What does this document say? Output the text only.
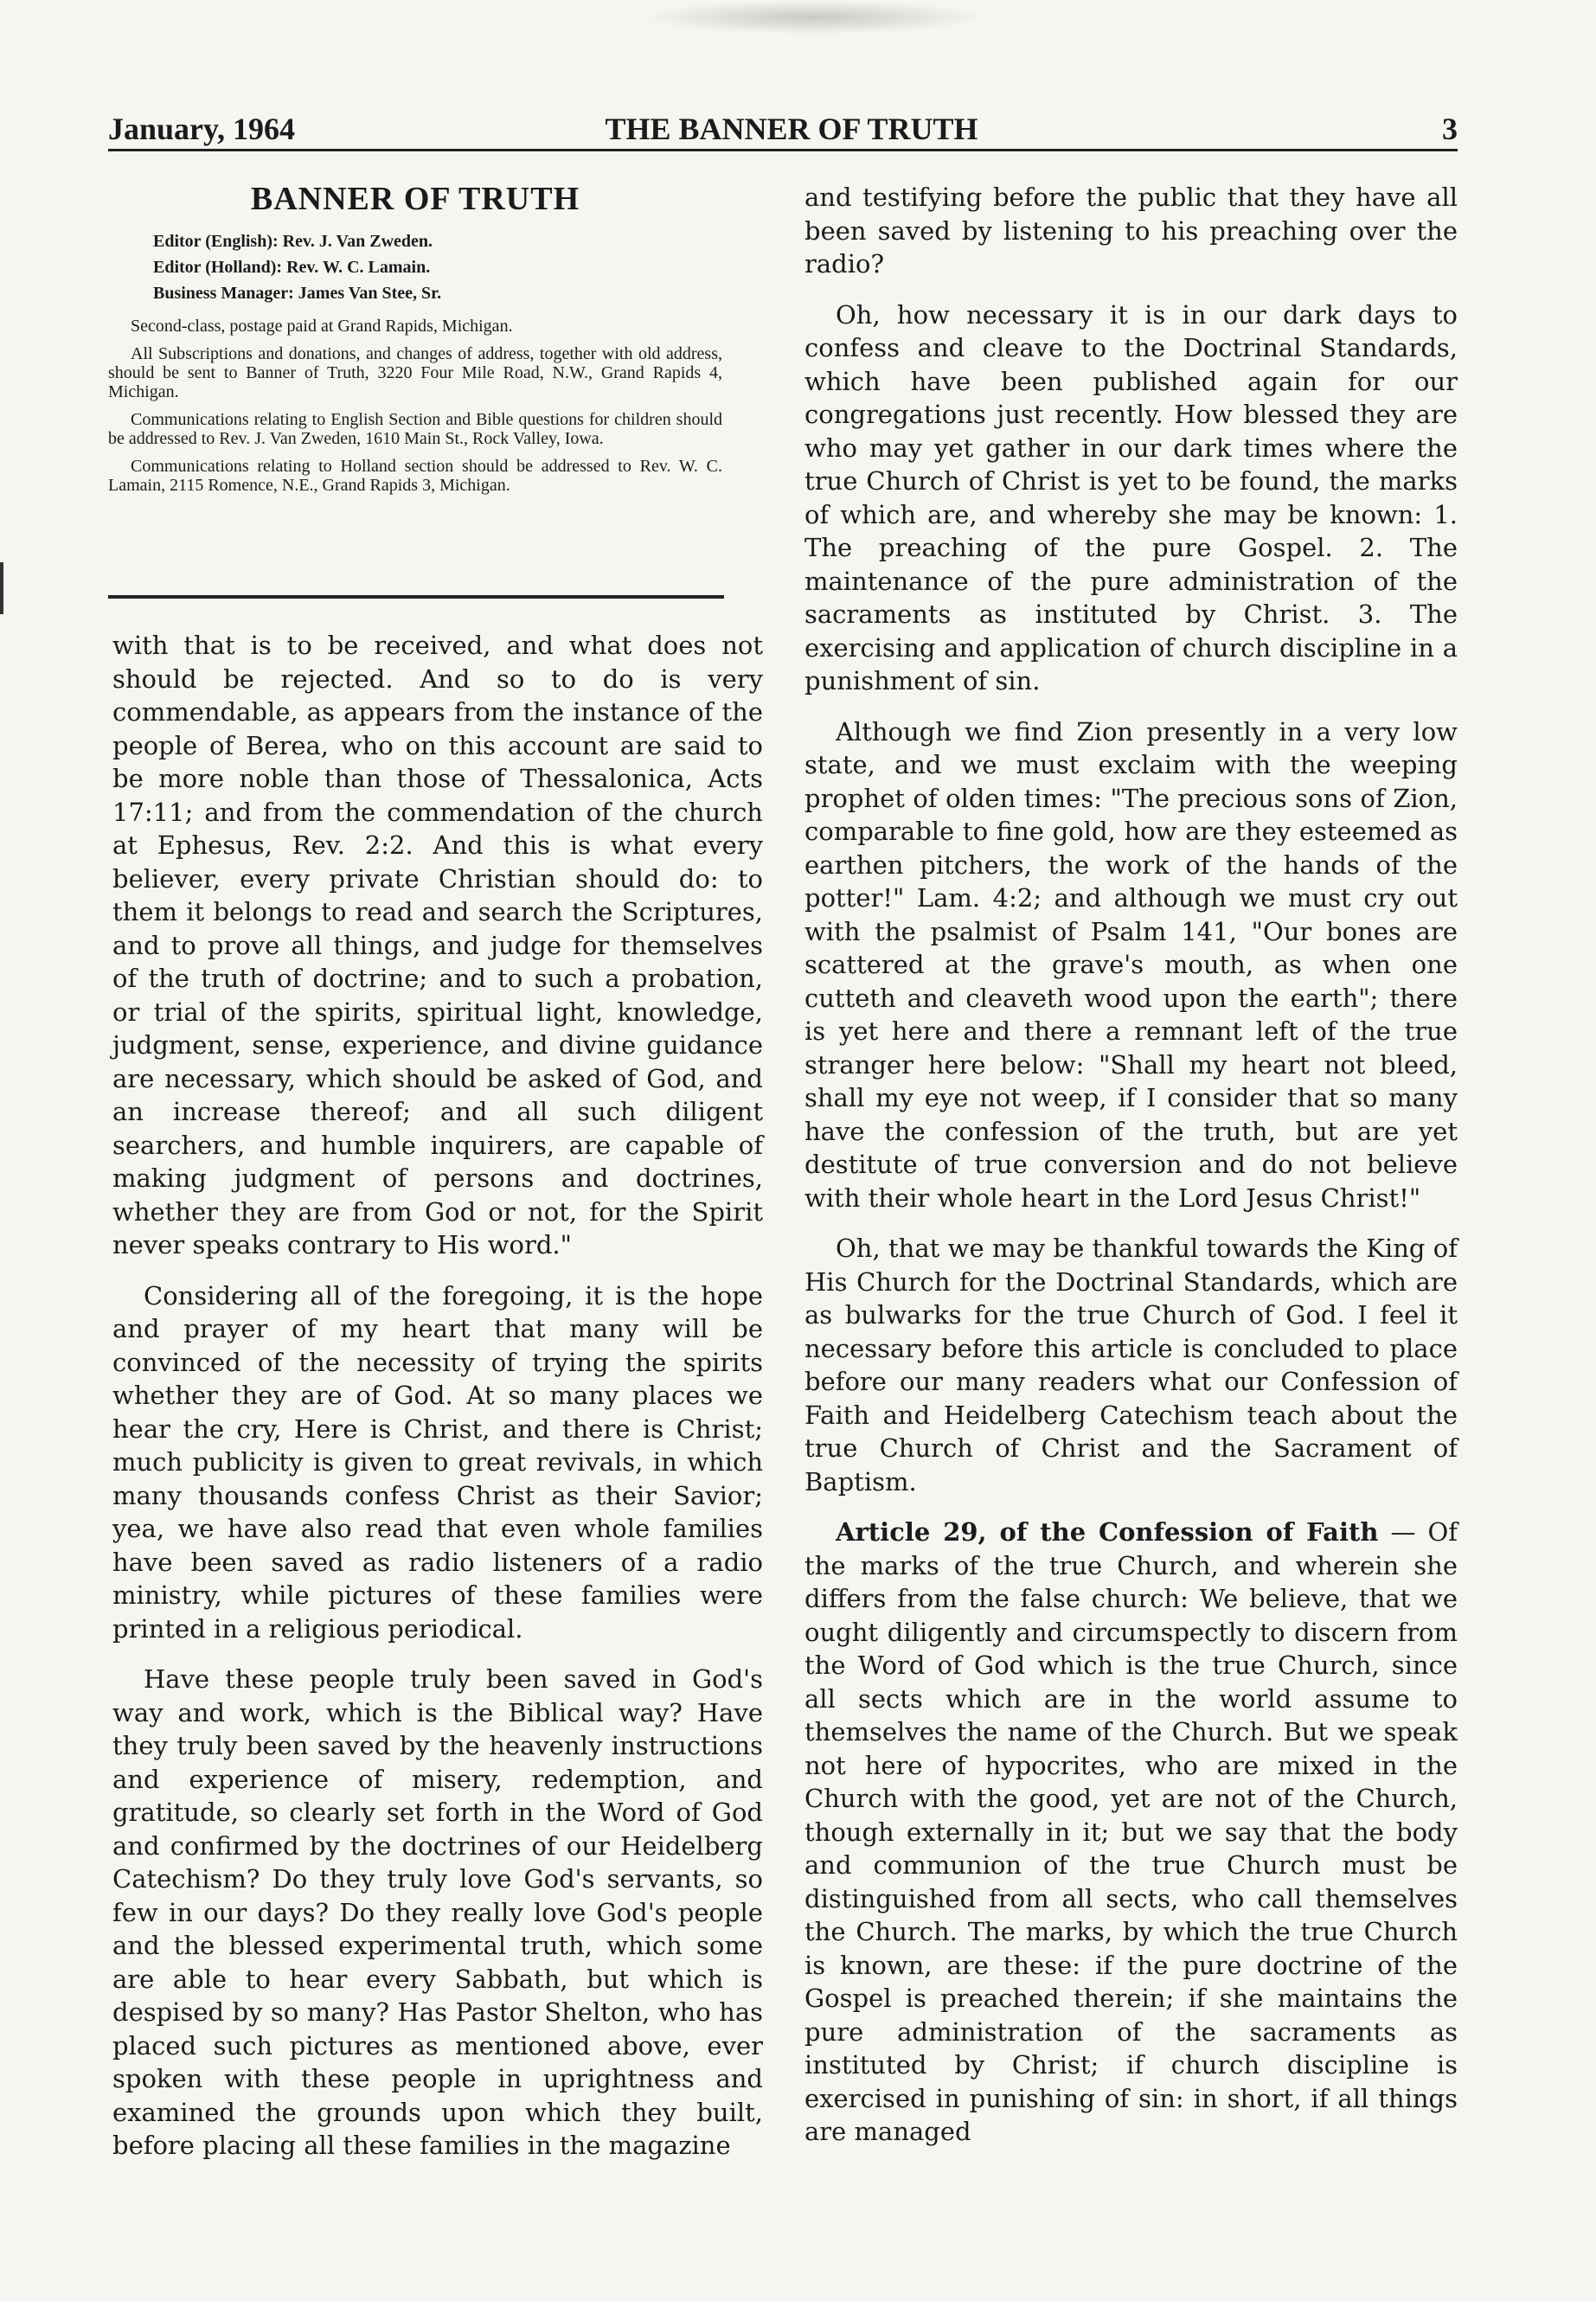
January, 1964	THE BANNER OF TRUTH	3
BANNER OF TRUTH
Editor (English): Rev. J. Van Zweden.
Editor (Holland): Rev. W. C. Lamain.
Business Manager: James Van Stee, Sr.
Second-class, postage paid at Grand Rapids, Michigan.
All Subscriptions and donations, and changes of address, together with old address, should be sent to Banner of Truth, 3220 Four Mile Road, N.W., Grand Rapids 4, Michigan.
Communications relating to English Section and Bible questions for children should be addressed to Rev. J. Van Zweden, 1610 Main St., Rock Valley, Iowa.
Communications relating to Holland section should be addressed to Rev. W. C. Lamain, 2115 Romence, N.E., Grand Rapids 3, Michigan.

with that is to be received, and what does not should be rejected. And so to do is very commendable, as appears from the instance of the people of Berea, who on this account are said to be more noble than those of Thessalonica, Acts 17:11; and from the commendation of the church at Ephesus, Rev. 2:2. And this is what every believer, every private Christian should do: to them it belongs to read and search the Scriptures, and to prove all things, and judge for themselves of the truth of doctrine; and to such a probation, or trial of the spirits, spiritual light, knowledge, judgment, sense, experience, and divine guidance are necessary, which should be asked of God, and an increase thereof; and all such diligent searchers, and humble inquirers, are capable of making judgment of persons and doctrines, whether they are from God or not, for the Spirit never speaks contrary to His word."

Considering all of the foregoing, it is the hope and prayer of my heart that many will be convinced of the necessity of trying the spirits whether they are of God. At so many places we hear the cry, Here is Christ, and there is Christ; much publicity is given to great revivals, in which many thousands confess Christ as their Savior; yea, we have also read that even whole families have been saved as radio listeners of a radio ministry, while pictures of these families were printed in a religious periodical.

Have these people truly been saved in God's way and work, which is the Biblical way? Have they truly been saved by the heavenly instructions and experience of misery, redemption, and gratitude, so clearly set forth in the Word of God and confirmed by the doctrines of our Heidelberg Catechism? Do they truly love God's servants, so few in our days? Do they really love God's people and the blessed experimental truth, which some are able to hear every Sabbath, but which is despised by so many? Has Pastor Shelton, who has placed such pictures as mentioned above, ever spoken with these people in uprightness and examined the grounds upon which they built, before placing all these families in the magazine

and testifying before the public that they have all been saved by listening to his preaching over the radio?

Oh, how necessary it is in our dark days to confess and cleave to the Doctrinal Standards, which have been published again for our congregations just recently. How blessed they are who may yet gather in our dark times where the true Church of Christ is yet to be found, the marks of which are, and whereby she may be known: 1. The preaching of the pure Gospel. 2. The maintenance of the pure administration of the sacraments as instituted by Christ. 3. The exercising and application of church discipline in a punishment of sin.

Although we find Zion presently in a very low state, and we must exclaim with the weeping prophet of olden times: "The precious sons of Zion, comparable to fine gold, how are they esteemed as earthen pitchers, the work of the hands of the potter!" Lam. 4:2; and although we must cry out with the psalmist of Psalm 141, "Our bones are scattered at the grave's mouth, as when one cutteth and cleaveth wood upon the earth"; there is yet here and there a remnant left of the true stranger here below: "Shall my heart not bleed, shall my eye not weep, if I consider that so many have the confession of the truth, but are yet destitute of true conversion and do not believe with their whole heart in the Lord Jesus Christ!"

Oh, that we may be thankful towards the King of His Church for the Doctrinal Standards, which are as bulwarks for the true Church of God. I feel it necessary before this article is concluded to place before our many readers what our Confession of Faith and Heidelberg Catechism teach about the true Church of Christ and the Sacrament of Baptism.

Article 29, of the Confession of Faith — Of the marks of the true Church, and wherein she differs from the false church: We believe, that we ought diligently and circumspectly to discern from the Word of God which is the true Church, since all sects which are in the world assume to themselves the name of the Church. But we speak not here of hypocrites, who are mixed in the Church with the good, yet are not of the Church, though externally in it; but we say that the body and communion of the true Church must be distinguished from all sects, who call themselves the Church. The marks, by which the true Church is known, are these: if the pure doctrine of the Gospel is preached therein; if she maintains the pure administration of the sacraments as instituted by Christ; if church discipline is exercised in punishing of sin: in short, if all things are managed
